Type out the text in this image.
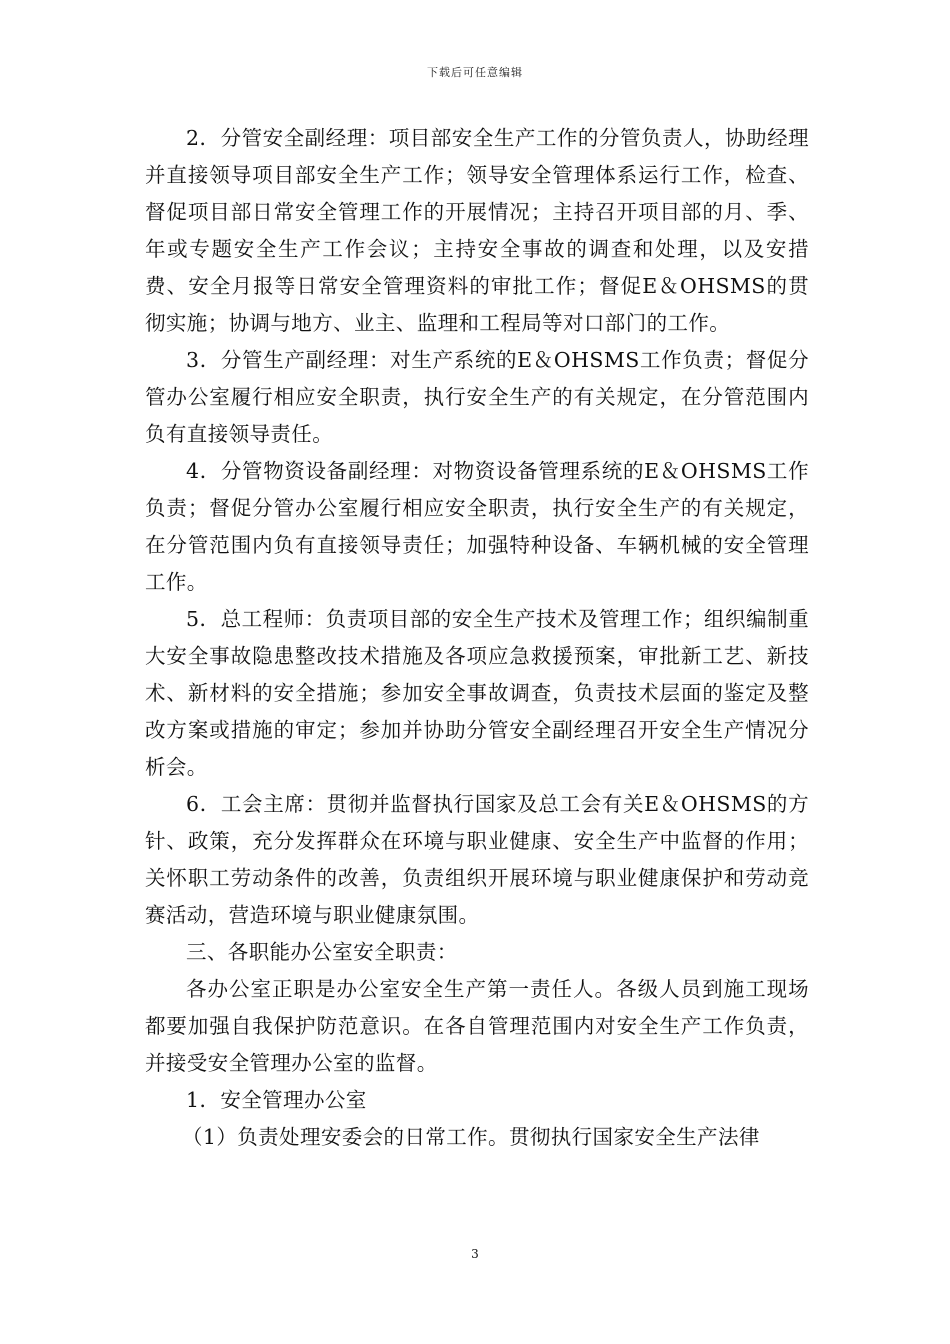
下载后可任意编辑

2．分管安全副经理：项目部安全生产工作的分管负责人，协助经理并直接领导项目部安全生产工作；领导安全管理体系运行工作，检查、督促项目部日常安全管理工作的开展情况；主持召开项目部的月、季、年或专题安全生产工作会议；主持安全事故的调查和处理，以及安措费、安全月报等日常安全管理资料的审批工作；督促E＆OHSMS的贯彻实施；协调与地方、业主、监理和工程局等对口部门的工作。

3．分管生产副经理：对生产系统的E＆OHSMS工作负责；督促分管办公室履行相应安全职责，执行安全生产的有关规定，在分管范围内负有直接领导责任。

4．分管物资设备副经理：对物资设备管理系统的E＆OHSMS工作负责；督促分管办公室履行相应安全职责，执行安全生产的有关规定，在分管范围内负有直接领导责任；加强特种设备、车辆机械的安全管理工作。

5．总工程师：负责项目部的安全生产技术及管理工作；组织编制重大安全事故隐患整改技术措施及各项应急救援预案，审批新工艺、新技术、新材料的安全措施；参加安全事故调查，负责技术层面的鉴定及整改方案或措施的审定；参加并协助分管安全副经理召开安全生产情况分析会。

6．工会主席：贯彻并监督执行国家及总工会有关E＆OHSMS的方针、政策，充分发挥群众在环境与职业健康、安全生产中监督的作用；关怀职工劳动条件的改善，负责组织开展环境与职业健康保护和劳动竞赛活动，营造环境与职业健康氛围。

三、各职能办公室安全职责：

各办公室正职是办公室安全生产第一责任人。各级人员到施工现场都要加强自我保护防范意识。在各自管理范围内对安全生产工作负责，并接受安全管理办公室的监督。

1．安全管理办公室

（1）负责处理安委会的日常工作。贯彻执行国家安全生产法律

3
